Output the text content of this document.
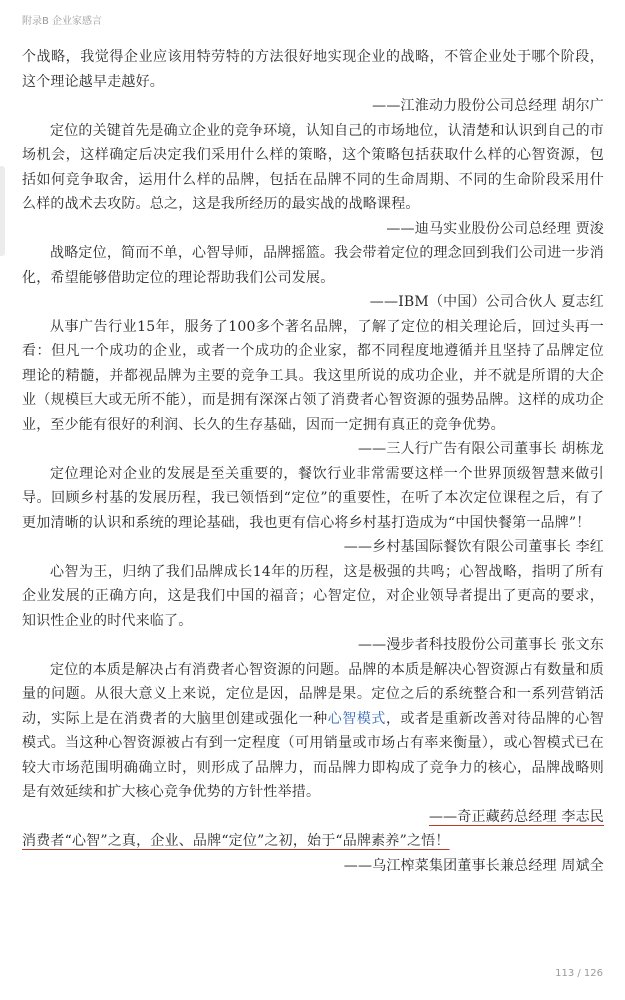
附录B 企业家感言

个战略，我觉得企业应该用特劳特的方法很好地实现企业的战略，不管企业处于哪个阶段，这个理论越早走越好。

——江淮动力股份公司总经理 胡尔广

定位的关键首先是确立企业的竞争环境，认知自己的市场地位，认清楚和认识到自己的市场机会，这样确定后决定我们采用什么样的策略，这个策略包括获取什么样的心智资源，包括如何竞争取舍，运用什么样的品牌，包括在品牌不同的生命周期、不同的生命阶段采用什么样的战术去攻防。总之，这是我所经历的最实战的战略课程。

——迪马实业股份公司总经理 贾浚

战略定位，简而不单，心智导师，品牌摇篮。我会带着定位的理念回到我们公司进一步消化，希望能够借助定位的理论帮助我们公司发展。

——IBM（中国）公司合伙人 夏志红

从事广告行业15年，服务了100多个著名品牌，了解了定位的相关理论后，回过头再一看：但凡一个成功的企业，或者一个成功的企业家，都不同程度地遵循并且坚持了品牌定位理论的精髓，并都视品牌为主要的竞争工具。我这里所说的成功企业，并不就是所谓的大企业（规模巨大或无所不能），而是拥有深深占领了消费者心智资源的强势品牌。这样的成功企业，至少能有很好的利润、长久的生存基础，因而一定拥有真正的竞争优势。

——三人行广告有限公司董事长 胡栋龙

定位理论对企业的发展是至关重要的，餐饮行业非常需要这样一个世界顶级智慧来做引导。回顾乡村基的发展历程，我已领悟到“定位”的重要性，在听了本次定位课程之后，有了更加清晰的认识和系统的理论基础，我也更有信心将乡村基打造成为“中国快餐第一品牌”！

——乡村基国际餐饮有限公司董事长 李红

心智为王，归纳了我们品牌成长14年的历程，这是极强的共鸣；心智战略，指明了所有企业发展的正确方向，这是我们中国的福音；心智定位，对企业领导者提出了更高的要求，知识性企业的时代来临了。

——漫步者科技股份公司董事长 张文东

定位的本质是解决占有消费者心智资源的问题。品牌的本质是解决心智资源占有数量和质量的问题。从很大意义上来说，定位是因，品牌是果。定位之后的系统整合和一系列营销活动，实际上是在消费者的大脑里创建或强化一种心智模式，或者是重新改善对待品牌的心智模式。当这种心智资源被占有到一定程度（可用销量或市场占有率来衡量），或心智模式已在较大市场范围明确确立时，则形成了品牌力，而品牌力即构成了竞争力的核心，品牌战略则是有效延续和扩大核心竞争优势的方针性举措。

——奇正藏药总经理 李志民

消费者“心智”之真，企业、品牌“定位”之初，始于“品牌素养”之悟！

——乌江榨菜集团董事长兼总经理 周斌全

113 / 126
